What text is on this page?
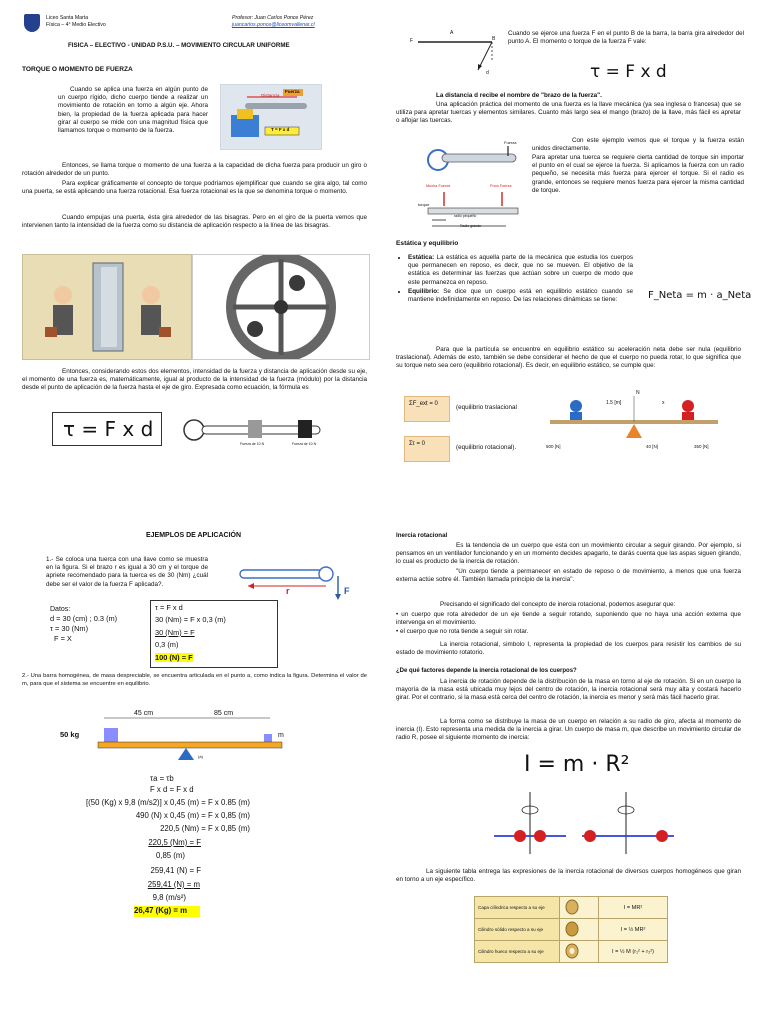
Liceo Santa Marta
Física – 4° Medio Electivo
Profesor: Juan Carlos Ponce Pérez
juancarlos.ponce@liceomvallenar.cl
FISICA – ELECTIVO - UNIDAD P.S.U. – MOVIMIENTO CIRCULAR UNIFORME
TORQUE O MOMENTO DE FUERZA
Cuando se aplica una fuerza en algún punto de un cuerpo rígido, dicho cuerpo tiende a realizar un movimiento de rotación en torno a algún eje. Ahora bien, la propiedad de la fuerza aplicada para hacer girar al cuerpo se mide con una magnitud física que llamamos torque o momento de la fuerza.
Fuerza
Distancia
T = F x d
Entonces, se llama torque o momento de una fuerza a la capacidad de dicha fuerza para producir un giro o rotación alrededor de un punto.
Para explicar gráficamente el concepto de torque podríamos ejemplificar que cuando se gira algo, tal como una puerta, se está aplicando una fuerza rotacional. Esa fuerza rotacional es la que se denomina torque o momento.
Cuando empujas una puerta, ésta gira alrededor de las bisagras. Pero en el giro de la puerta vemos que intervienen tanto la intensidad de la fuerza como su distancia de aplicación respecto a la línea de las bisagras.
Entonces, considerando estos dos elementos, intensidad de la fuerza y distancia de aplicación desde su eje, el momento de una fuerza es, matemáticamente, igual al producto de la intensidad de la fuerza (módulo) por la distancia desde el punto de aplicación de la fuerza hasta el eje de giro. Expresada como ecuación, la fórmula es
τ = F x d
Fuerza de 10 N	Fuerza de 10 N
A
B
F
d
Cuando se ejerce una fuerza F en el punto B de la barra, la barra gira alrededor del punto A. El momento o torque de la fuerza F vale:
τ = F x d
La distancia d recibe el nombre de "brazo de la fuerza".
Una aplicación práctica del momento de una fuerza es la llave mecánica (ya sea inglesa o francesa) que se utiliza para apretar tuercas y elementos similares. Cuanto más largo sea el mango (brazo) de la llave, más fácil es apretar o aflojar las tuercas.
Fuerza
Mucha Fuerza	Poca Fuerza
torque
radio pequeño
Radio grande
Con este ejemplo vemos que el torque y la fuerza están unidos directamente.
Para apretar una tuerca se requiere cierta cantidad de torque sin importar el punto en el cual se ejerce la fuerza. Si aplicamos la fuerza con un radio pequeño, se necesita más fuerza para ejercer el torque. Si el radio es grande, entonces se requiere menos fuerza para ejercer la misma cantidad de torque.
Estática y equilibrio
• Estática: La estática es aquella parte de la mecánica que estudia los cuerpos que permanecen en reposo, es decir, que no se mueven. El objetivo de la estática es determinar las fuerzas que actúan sobre un cuerpo de modo que este permanezca en reposo.
• Equilibrio: Se dice que un cuerpo está en equilibrio estático cuando se mantiene indefinidamente en reposo. De las relaciones dinámicas se tiene:	F_Neta = m · a_Neta
Para que la partícula se encuentre en equilibrio estático su aceleración neta debe ser nula (equilibrio traslacional). Además de esto, también se debe considerar el hecho de que el cuerpo no pueda rotar, lo que significa que su torque neto sea cero (equilibrio rotacional). Es decir, en equilibrio estático, se cumple que:
ΣF_ext = 0	(equilibrio traslacional
Στ = 0	(equilibrio rotacional).
1.5 [m]	x
N
500 [N]	40 [N]	350 [N]
EJEMPLOS DE APLICACIÓN
1.- Se coloca una tuerca con una llave como se muestra en la figura. Si el brazo r es igual a 30 cm y el torque de apriete recomendado para la tuerca es de 30 (Nm) ¿cuál debe ser el valor de la fuerza F aplicada?.
r	F
Datos:
d = 30 (cm) ; 0.3 (m)
τ = 30 (Nm)
F = X
τ = F x d
30 (Nm) = F x 0,3 (m)
30 (Nm) = F
0,3 (m)
100 (N) = F
2.- Una barra homogénea, de masa despreciable, se encuentra articulada en el punto a, como indica la figura. Determina el valor de m, para que el sistema se encuentre en equilibrio.
45 cm	85 cm
50 kg	m
(a)
τa = τb
F x d = F x d
[(50 (Kg) x 9,8 (m/s2)] x 0,45 (m) = F x 0.85 (m)
490 (N) x 0,45 (m) = F x 0,85 (m)
220,5 (Nm) = F x 0,85 (m)
220,5 (Nm) = F
0,85 (m)
259,41 (N) = F
259,41 (N) = m
9,8 (m/s²)
26,47 (Kg) = m
Inercia rotacional
Es la tendencia de un cuerpo que esta con un movimiento circular a seguir girando. Por ejemplo, si pensamos en un ventilador funcionando y en un momento decides apagarlo, te darás cuenta que las aspas siguen girando, lo cual es producto de la inercia de rotación.
"Un cuerpo tiende a permanecer en estado de reposo o de movimiento, a menos que una fuerza externa actúe sobre él. También llamada principio de la inercia".
Precisando el significado del concepto de inercia rotacional, podemos asegurar que:
• un cuerpo que rota alrededor de un eje tiende a seguir rotando, suponiendo que no haya una acción externa que intervenga en el movimiento.
• el cuerpo que no rota tiende a seguir sin rotar.
La inercia rotacional, simbolo I, representa la propiedad de los cuerpos para resistir los cambios de su estado de movimiento rotatorio.
¿De qué factores depende la inercia rotacional de los cuerpos?
La inercia de rotación depende de la distribución de la masa en torno al eje de rotación. Si en un cuerpo la mayoría de la masa está ubicada muy lejos del centro de rotación, la inercia rotacional será muy alta y costará hacerlo girar. Por el contrario, si la masa está cerca del centro de rotación, la inercia es menor y será más fácil hacerlo girar.
La forma como se distribuye la masa de un cuerpo en relación a su radio de giro, afecta al momento de inercia (I). Esto representa una medida de la inercia a girar. Un cuerpo de masa m, que describe un movimiento circular de radio R, posee el siguiente momento de inercia:
I = m · R²
La siguiente tabla entrega las expresiones de la inercia rotacional de diversos cuerpos homogéneos que giran en torno a un eje específico.
Capa cilíndrica respecto a su eje		I = MR²
Cilindro sólido respecto a su eje		I = ½ MR²
Cilindro hueco respecto a su eje		I = ½ M (r₁² + r₂²)
